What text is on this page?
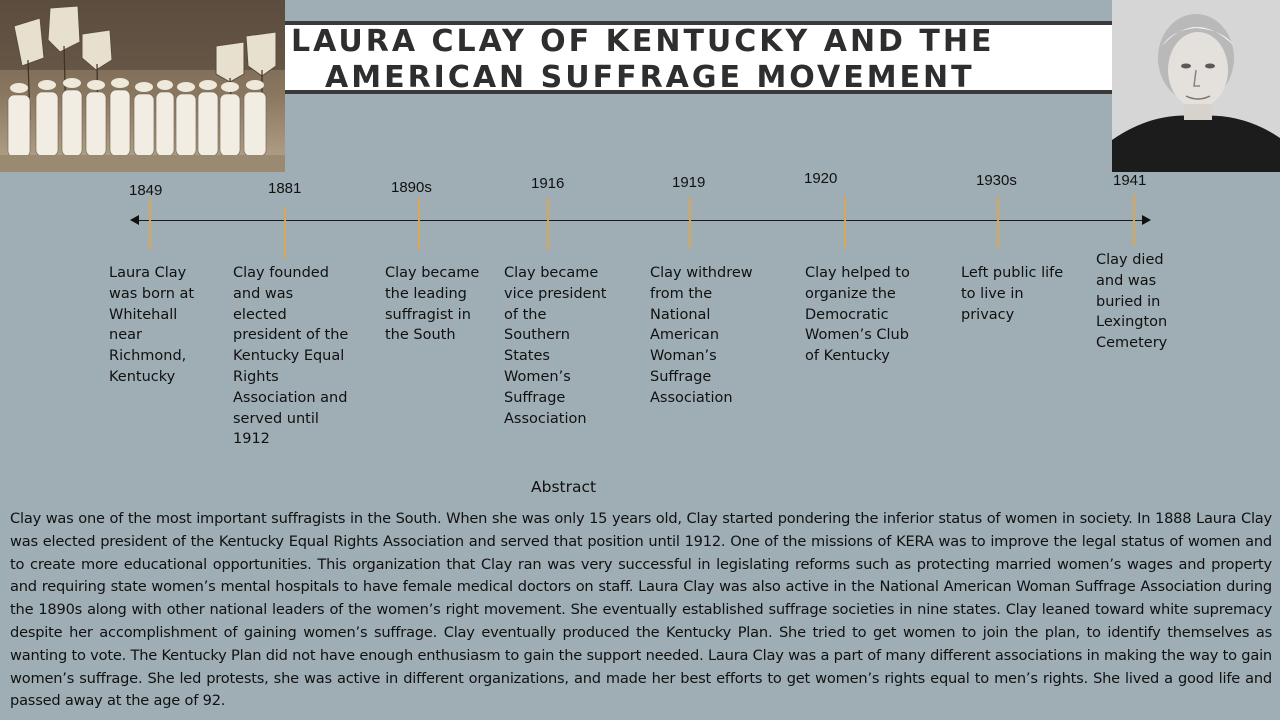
LAURA CLAY OF KENTUCKY AND THE
AMERICAN SUFFRAGE MOVEMENT
1849	1881	1890s	1916	1919	1920	1930s	1941
Laura Clay was born at Whitehall near Richmond, Kentucky
Clay founded and was elected president of the Kentucky Equal Rights Association and served until 1912
Clay became the leading suffragist in the South
Clay became vice president of the Southern States Women’s Suffrage Association
Clay withdrew from the National American Woman’s Suffrage Association
Clay helped to organize the Democratic Women’s Club of Kentucky
Left public life to live in privacy
Clay died and was buried in Lexington Cemetery
Abstract
Clay was one of the most important suffragists in the South. When she was only 15 years old, Clay started pondering the inferior status of women in society. In 1888 Laura Clay was elected president of the Kentucky Equal Rights Association and served that position until 1912. One of the missions of KERA was to improve the legal status of women and to create more educational opportunities. This organization that Clay ran was very successful in legislating reforms such as protecting married women’s wages and property and requiring state women’s mental hospitals to have female medical doctors on staff. Laura Clay was also active in the National American Woman Suffrage Association during the 1890s along with other national leaders of the women’s right movement. She eventually established suffrage societies in nine states. Clay leaned toward white supremacy despite her accomplishment of gaining women’s suffrage. Clay eventually produced the Kentucky Plan. She tried to get women to join the plan, to identify themselves as wanting to vote. The Kentucky Plan did not have enough enthusiasm to gain the support needed. Laura Clay was a part of many different associations in making the way to gain women’s suffrage. She led protests, she was active in different organizations, and made her best efforts to get women’s rights equal to men’s rights. She lived a good life and passed away at the age of 92.
